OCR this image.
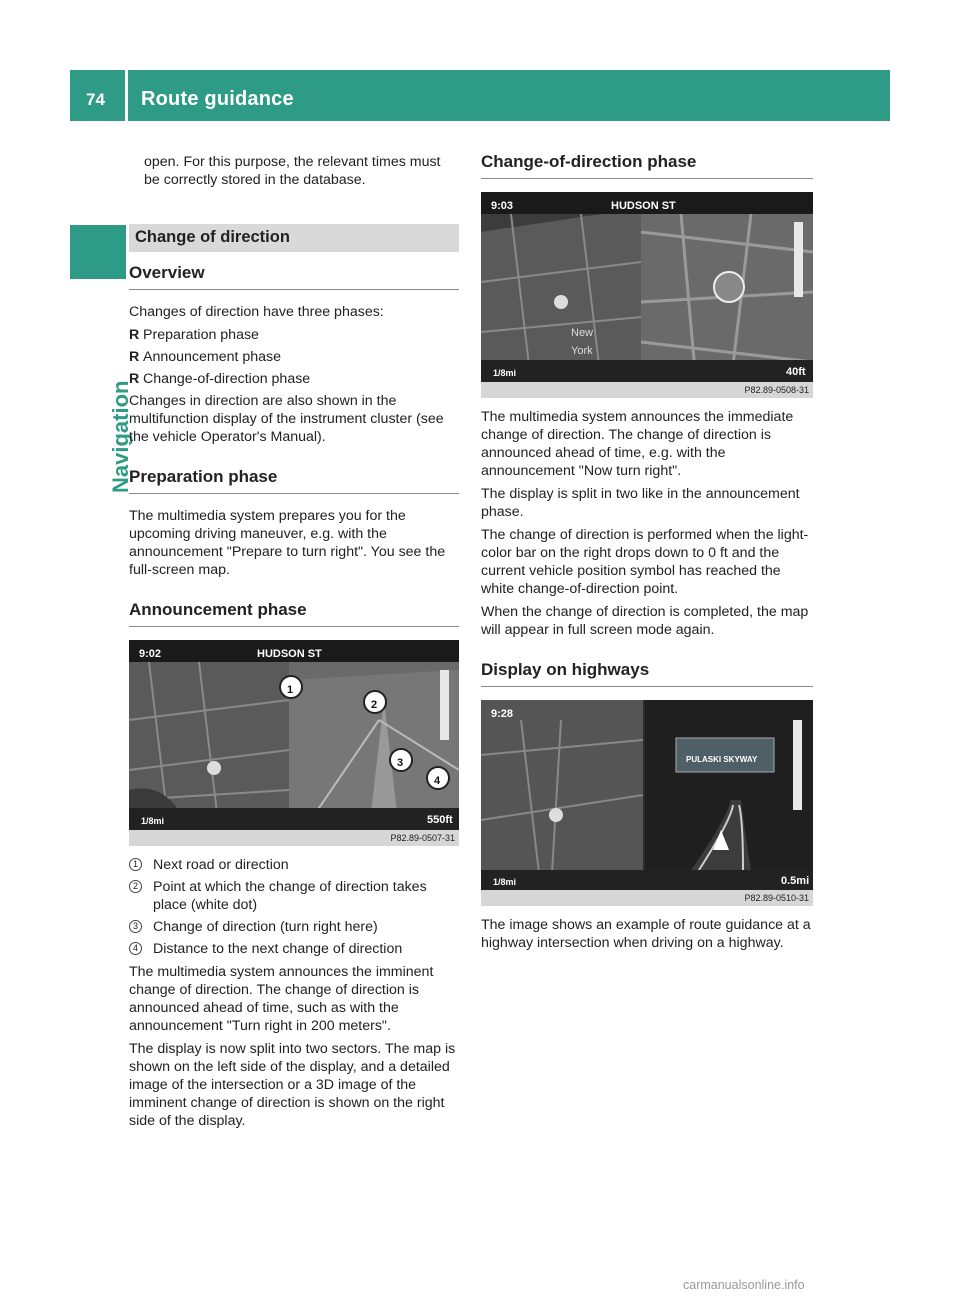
74 Route guidance
Navigation

open. For this purpose, the relevant times must be correctly stored in the database.

Change of direction
Overview

Changes of direction have three phases:

R Preparation phase
R Announcement phase
R Change-of-direction phase

Changes in direction are also shown in the multifunction display of the instrument cluster (see the vehicle Operator's Manual).

Preparation phase

The multimedia system prepares you for the upcoming driving maneuver, e.g. with the announcement "Prepare to turn right". You see the full-screen map.

Announcement phase
9:02	HUDSON ST
1
2
3
4
1/8mi	550ft
P82.89-0507-31
1 Next road or direction
2 Point at which the change of direction takes place (white dot)
3 Change of direction (turn right here)
4 Distance to the next change of direction

The multimedia system announces the imminent change of direction. The change of direction is announced ahead of time, such as with the announcement "Turn right in 200 meters".

The display is now split into two sectors. The map is shown on the left side of the display, and a detailed image of the intersection or a 3D image of the imminent change of direction is shown on the right side of the display.

Change-of-direction phase
9:03	HUDSON ST
New
York
1/8mi	40ft
P82.89-0508-31

The multimedia system announces the immediate change of direction. The change of direction is announced ahead of time, e.g. with the announcement "Now turn right".

The display is split in two like in the announcement phase.

The change of direction is performed when the light-color bar on the right drops down to 0 ft and the current vehicle position symbol has reached the white change-of-direction point.

When the change of direction is completed, the map will appear in full screen mode again.

Display on highways
9:28
PULASKI SKYWAY
1/8mi	0.5mi
P82.89-0510-31

The image shows an example of route guidance at a highway intersection when driving on a highway.

carmanualsonline.info
